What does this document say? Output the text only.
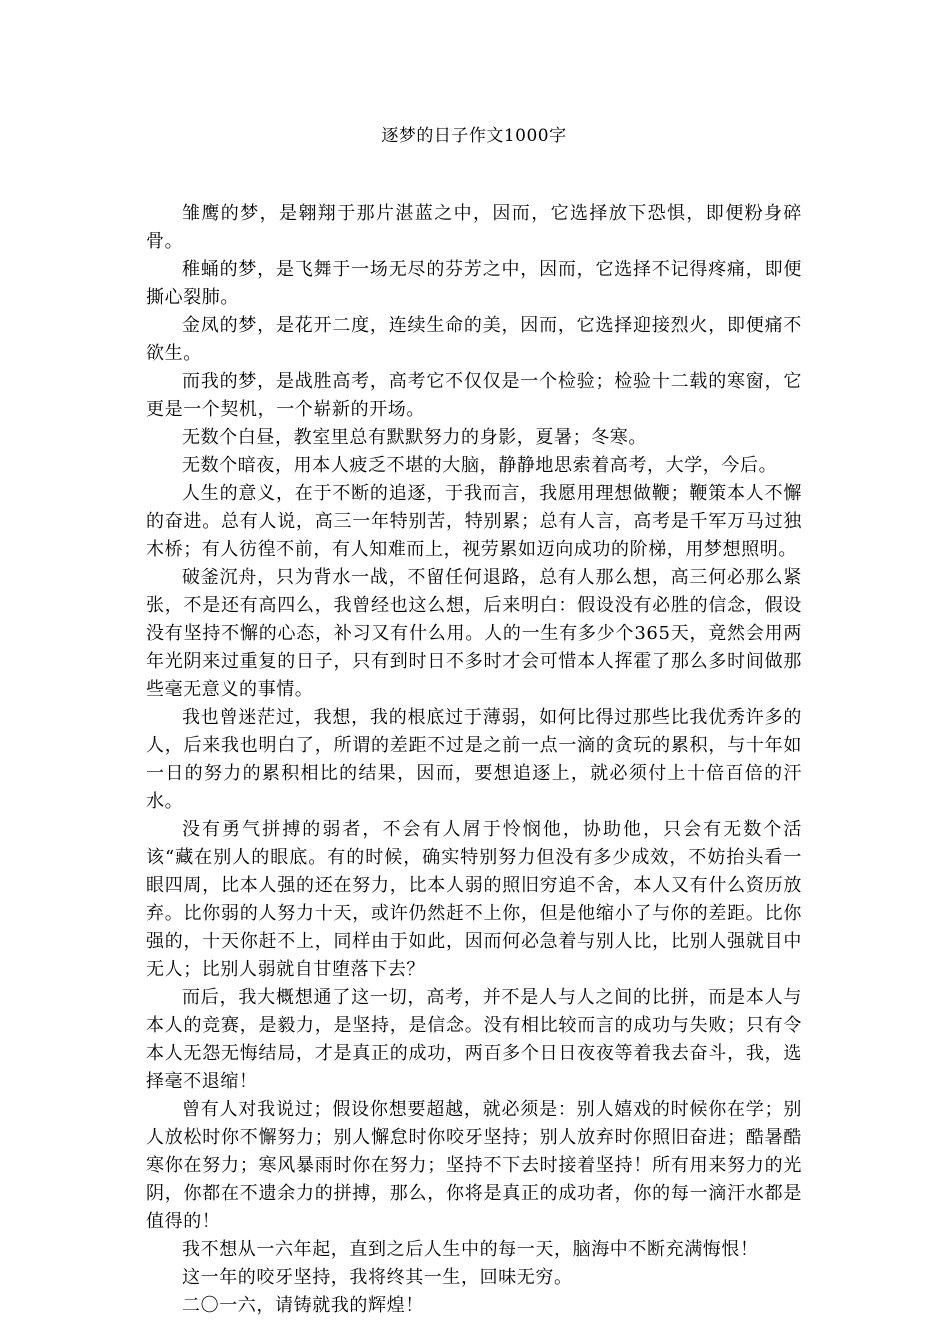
逐梦的日子作文1000字

雏鹰的梦，是翱翔于那片湛蓝之中，因而，它选择放下恐惧，即便粉身碎骨。

稚蛹的梦，是飞舞于一场无尽的芬芳之中，因而，它选择不记得疼痛，即便撕心裂肺。

金凤的梦，是花开二度，连续生命的美，因而，它选择迎接烈火，即便痛不欲生。

而我的梦，是战胜高考，高考它不仅仅是一个检验；检验十二载的寒窗，它更是一个契机，一个崭新的开场。

无数个白昼，教室里总有默默努力的身影，夏暑；冬寒。

无数个暗夜，用本人疲乏不堪的大脑，静静地思索着高考，大学，今后。

人生的意义，在于不断的追逐，于我而言，我愿用理想做鞭；鞭策本人不懈的奋进。总有人说，高三一年特别苦，特别累；总有人言，高考是千军万马过独木桥；有人彷徨不前，有人知难而上，视劳累如迈向成功的阶梯，用梦想照明。

破釜沉舟，只为背水一战，不留任何退路，总有人那么想，高三何必那么紧张，不是还有高四么，我曾经也这么想，后来明白：假设没有必胜的信念，假设没有坚持不懈的心态，补习又有什么用。人的一生有多少个365天，竟然会用两年光阴来过重复的日子，只有到时日不多时才会可惜本人挥霍了那么多时间做那些毫无意义的事情。

我也曾迷茫过，我想，我的根底过于薄弱，如何比得过那些比我优秀许多的人，后来我也明白了，所谓的差距不过是之前一点一滴的贪玩的累积，与十年如一日的努力的累积相比的结果，因而，要想追逐上，就必须付上十倍百倍的汗水。

没有勇气拼搏的弱者，不会有人屑于怜悯他，协助他，只会有无数个活该“藏在别人的眼底。有的时候，确实特别努力但没有多少成效，不妨抬头看一眼四周，比本人强的还在努力，比本人弱的照旧穷追不舍，本人又有什么资历放弃。比你弱的人努力十天，或许仍然赶不上你，但是他缩小了与你的差距。比你强的，十天你赶不上，同样由于如此，因而何必急着与别人比，比别人强就目中无人；比别人弱就自甘堕落下去？

而后，我大概想通了这一切，高考，并不是人与人之间的比拼，而是本人与本人的竞赛，是毅力，是坚持，是信念。没有相比较而言的成功与失败；只有令本人无怨无悔结局，才是真正的成功，两百多个日日夜夜等着我去奋斗，我，选择毫不退缩！

曾有人对我说过；假设你想要超越，就必须是：别人嬉戏的时候你在学；别人放松时你不懈努力；别人懈怠时你咬牙坚持；别人放弃时你照旧奋进；酷暑酷寒你在努力；寒风暴雨时你在努力；坚持不下去时接着坚持！所有用来努力的光阴，你都在不遗余力的拼搏，那么，你将是真正的成功者，你的每一滴汗水都是值得的！

我不想从一六年起，直到之后人生中的每一天，脑海中不断充满悔恨！

这一年的咬牙坚持，我将终其一生，回味无穷。

二〇一六，请铸就我的辉煌！
